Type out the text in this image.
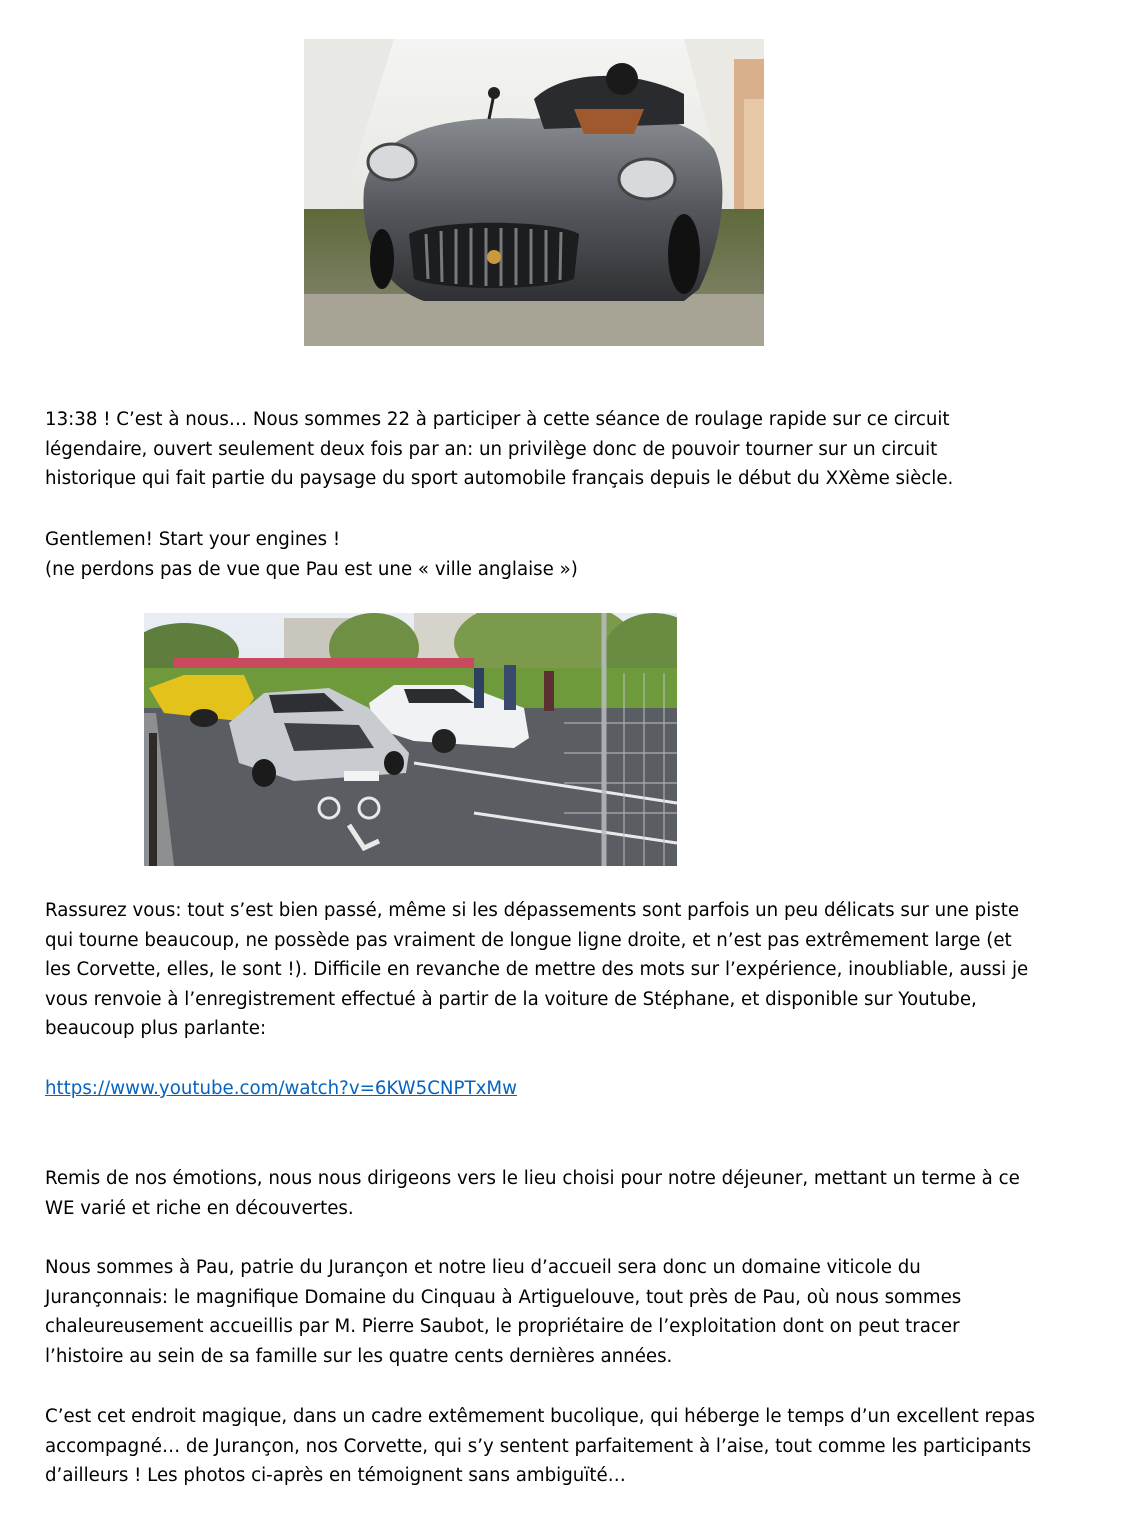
13:38 ! C’est à nous… Nous sommes 22 à participer à cette séance de roulage rapide sur ce circuit
légendaire, ouvert seulement deux fois par an: un privilège donc de pouvoir tourner sur un circuit
historique qui fait partie du paysage du sport automobile français depuis le début du XXème siècle.

Gentlemen! Start your engines !
(ne perdons pas de vue que Pau est une « ville anglaise »)

Rassurez vous: tout s’est bien passé, même si les dépassements sont parfois un peu délicats sur une piste
qui tourne beaucoup, ne possède pas vraiment de longue ligne droite, et n’est pas extrêmement large (et
les Corvette, elles, le sont !). Difficile en revanche de mettre des mots sur l’expérience, inoubliable, aussi je
vous renvoie à l’enregistrement effectué à partir de la voiture de Stéphane, et disponible sur Youtube,
beaucoup plus parlante:

https://www.youtube.com/watch?v=6KW5CNPTxMw

Remis de nos émotions, nous nous dirigeons vers le lieu choisi pour notre déjeuner, mettant un terme à ce
WE varié et riche en découvertes.

Nous sommes à Pau, patrie du Jurançon et notre lieu d’accueil sera donc un domaine viticole du
Jurançonnais: le magnifique Domaine du Cinquau à Artiguelouve, tout près de Pau, où nous sommes
chaleureusement accueillis par M. Pierre Saubot, le propriétaire de l’exploitation dont on peut tracer
l’histoire au sein de sa famille sur les quatre cents dernières années.

C’est cet endroit magique, dans un cadre extêmement bucolique, qui héberge le temps d’un excellent repas
accompagné… de Jurançon, nos Corvette, qui s’y sentent parfaitement à l’aise, tout comme les participants
d’ailleurs ! Les photos ci-après en témoignent sans ambiguïté…
